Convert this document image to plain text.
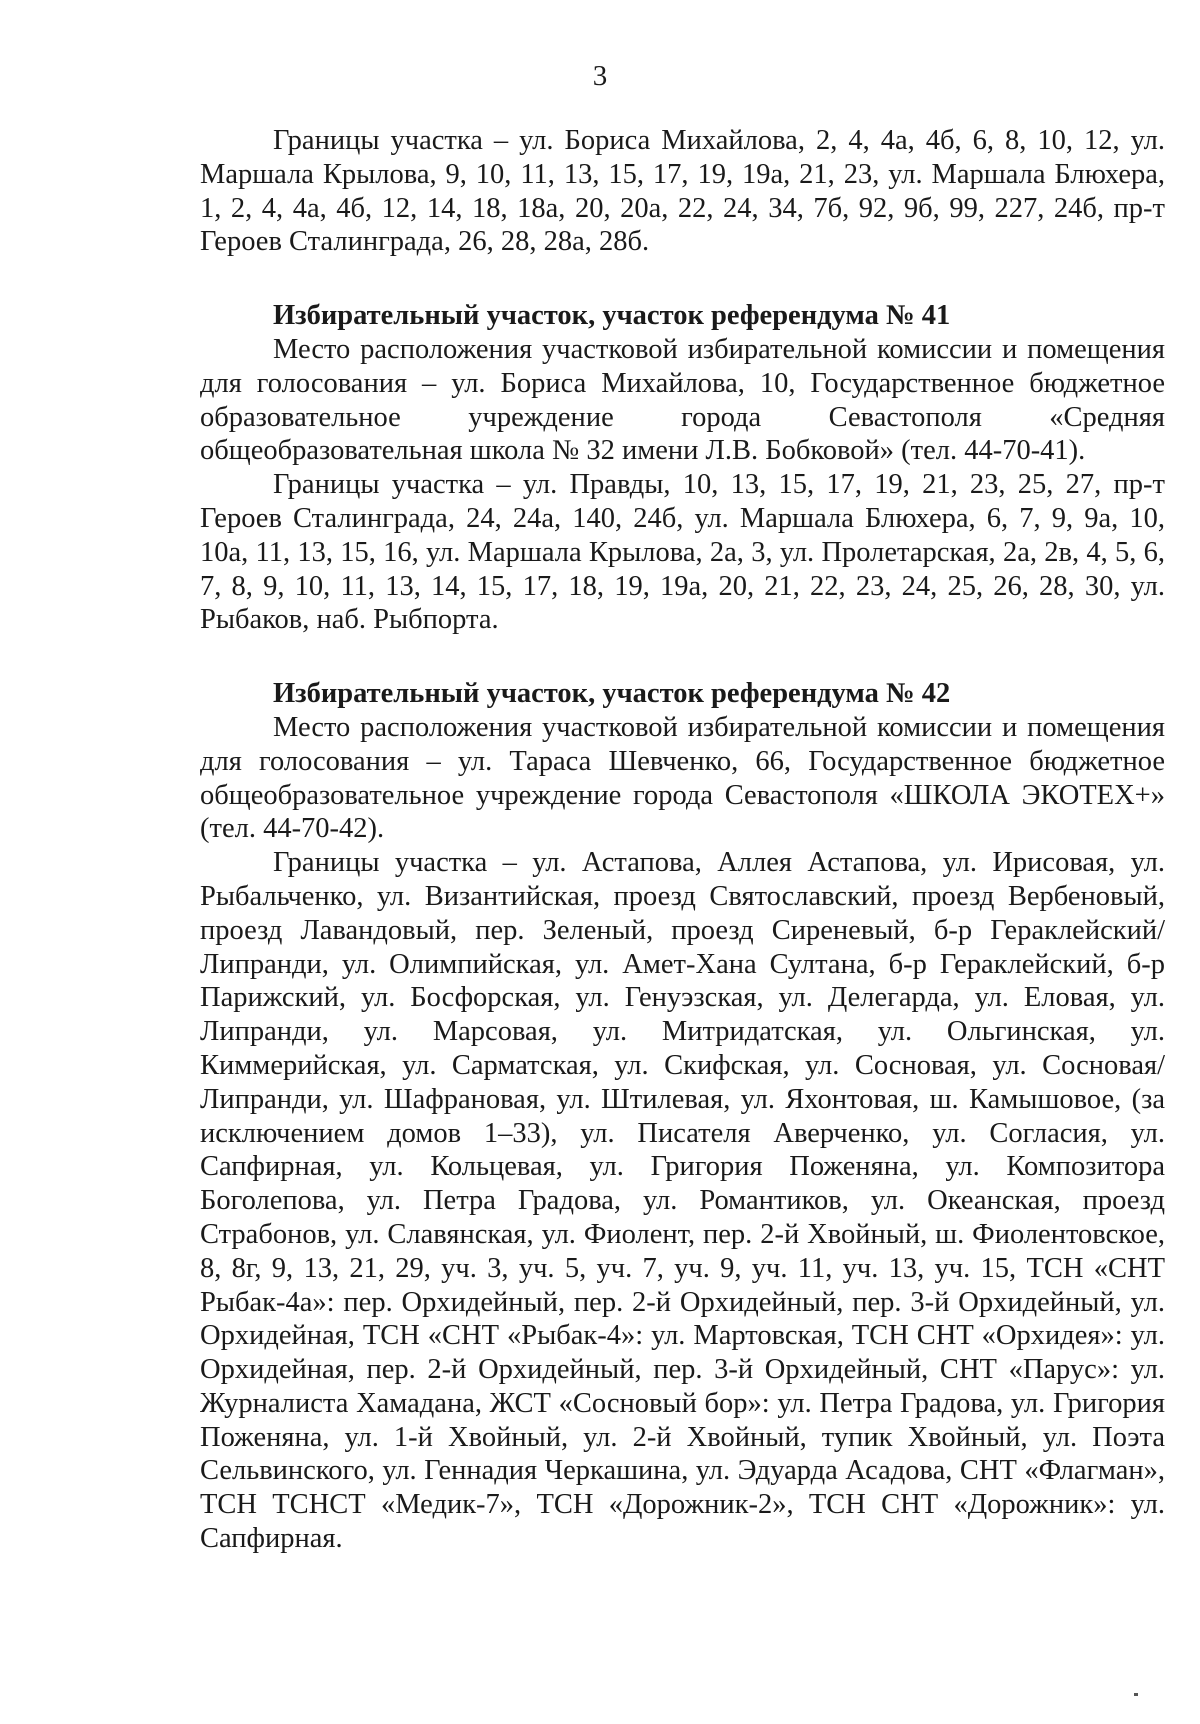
3

Границы участка – ул. Бориса Михайлова, 2, 4, 4а, 4б, 6, 8, 10, 12, ул. Маршала Крылова, 9, 10, 11, 13, 15, 17, 19, 19а, 21, 23, ул. Маршала Блюхера, 1, 2, 4, 4а, 4б, 12, 14, 18, 18а, 20, 20а, 22, 24, 34, 7б, 92, 9б, 99, 227, 24б, пр-т Героев Сталинграда, 26, 28, 28а, 28б.

Избирательный участок, участок референдума № 41

Место расположения участковой избирательной комиссии и помещения для голосования – ул. Бориса Михайлова, 10, Государственное бюджетное образовательное учреждение города Севастополя «Средняя общеобразовательная школа № 32 имени Л.В. Бобковой» (тел. 44-70-41).

Границы участка – ул. Правды, 10, 13, 15, 17, 19, 21, 23, 25, 27, пр-т Героев Сталинграда, 24, 24а, 140, 24б, ул. Маршала Блюхера, 6, 7, 9, 9а, 10, 10а, 11, 13, 15, 16, ул. Маршала Крылова, 2а, 3, ул. Пролетарская, 2а, 2в, 4, 5, 6, 7, 8, 9, 10, 11, 13, 14, 15, 17, 18, 19, 19а, 20, 21, 22, 23, 24, 25, 26, 28, 30, ул. Рыбаков, наб. Рыбпорта.

Избирательный участок, участок референдума № 42

Место расположения участковой избирательной комиссии и помещения для голосования – ул. Тараса Шевченко, 66, Государственное бюджетное общеобразовательное учреждение города Севастополя «ШКОЛА ЭКОТЕХ+» (тел. 44-70-42).

Границы участка – ул. Астапова, Аллея Астапова, ул. Ирисовая, ул. Рыбальченко, ул. Византийская, проезд Святославский, проезд Вербеновый, проезд Лавандовый, пер. Зеленый, проезд Сиреневый, б-р Гераклейский/Липранди, ул. Олимпийская, ул. Амет-Хана Султана, б-р Гераклейский, б-р Парижский, ул. Босфорская, ул. Генуэзская, ул. Делегарда, ул. Еловая, ул. Липранди, ул. Марсовая, ул. Митридатская, ул. Ольгинская, ул. Киммерийская, ул. Сарматская, ул. Скифская, ул. Сосновая, ул. Сосновая/Липранди, ул. Шафрановая, ул. Штилевая, ул. Яхонтовая, ш. Камышовое, (за исключением домов 1–33), ул. Писателя Аверченко, ул. Согласия, ул. Сапфирная, ул. Кольцевая, ул. Григория Поженяна, ул. Композитора Боголепова, ул. Петра Градова, ул. Романтиков, ул. Океанская, проезд Страбонов, ул. Славянская, ул. Фиолент, пер. 2-й Хвойный, ш. Фиолентовское, 8, 8г, 9, 13, 21, 29, уч. 3, уч. 5, уч. 7, уч. 9, уч. 11, уч. 13, уч. 15, ТСН «СНТ Рыбак-4а»: пер. Орхидейный, пер. 2-й Орхидейный, пер. 3-й Орхидейный, ул. Орхидейная, ТСН «СНТ «Рыбак-4»: ул. Мартовская, ТСН СНТ «Орхидея»: ул. Орхидейная, пер. 2-й Орхидейный, пер. 3-й Орхидейный, СНТ «Парус»: ул. Журналиста Хамадана, ЖСТ «Сосновый бор»: ул. Петра Градова, ул. Григория Поженяна, ул. 1-й Хвойный, ул. 2-й Хвойный, тупик Хвойный, ул. Поэта Сельвинского, ул. Геннадия Черкашина, ул. Эдуарда Асадова, СНТ «Флагман», ТСН ТСНСТ «Медик-7», ТСН «Дорожник-2», ТСН СНТ «Дорожник»: ул. Сапфирная.
